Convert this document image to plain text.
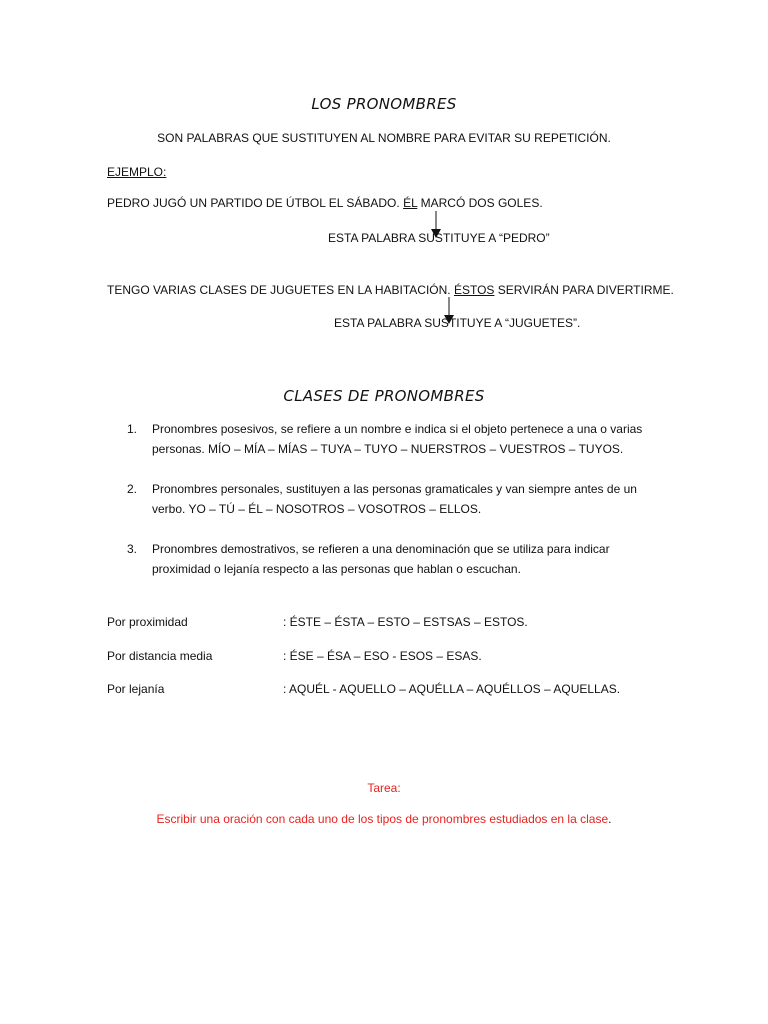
LOS PRONOMBRES
SON PALABRAS QUE SUSTITUYEN AL NOMBRE PARA EVITAR SU REPETICIÓN.
EJEMPLO:
PEDRO JUGÓ UN PARTIDO DE ÚTBOL EL SÁBADO. ÉL MARCÓ DOS GOLES.
ESTA PALABRA SUSTITUYE A “PEDRO”
TENGO VARIAS CLASES DE JUGUETES EN LA HABITACIÓN. ÉSTOS SERVIRÁN PARA DIVERTIRME.
ESTA PALABRA SUSTITUYE A “JUGUETES”.
CLASES DE PRONOMBRES
1. Pronombres posesivos, se refiere a un nombre e indica si el objeto pertenece a una o varias personas. MÍO – MÍA – MÍAS – TUYA – TUYO – NUERSTROS – VUESTROS – TUYOS.
2. Pronombres personales, sustituyen a las personas gramaticales y van siempre antes de un verbo. YO – TÚ – ÉL – NOSOTROS – VOSOTROS – ELLOS.
3. Pronombres demostrativos, se refieren a una denominación que se utiliza para indicar proximidad o lejanía respecto a las personas que hablan o escuchan.
Por proximidad	: ÉSTE – ÉSTA – ESTO – ESTSAS – ESTOS.
Por distancia media	: ÉSE – ÉSA – ESO - ESOS – ESAS.
Por lejanía	: AQUÉL - AQUELLO – AQUÉLLA – AQUÉLLOS – AQUELLAS.
Tarea:
Escribir una oración con cada uno de los tipos de pronombres estudiados en la clase.
